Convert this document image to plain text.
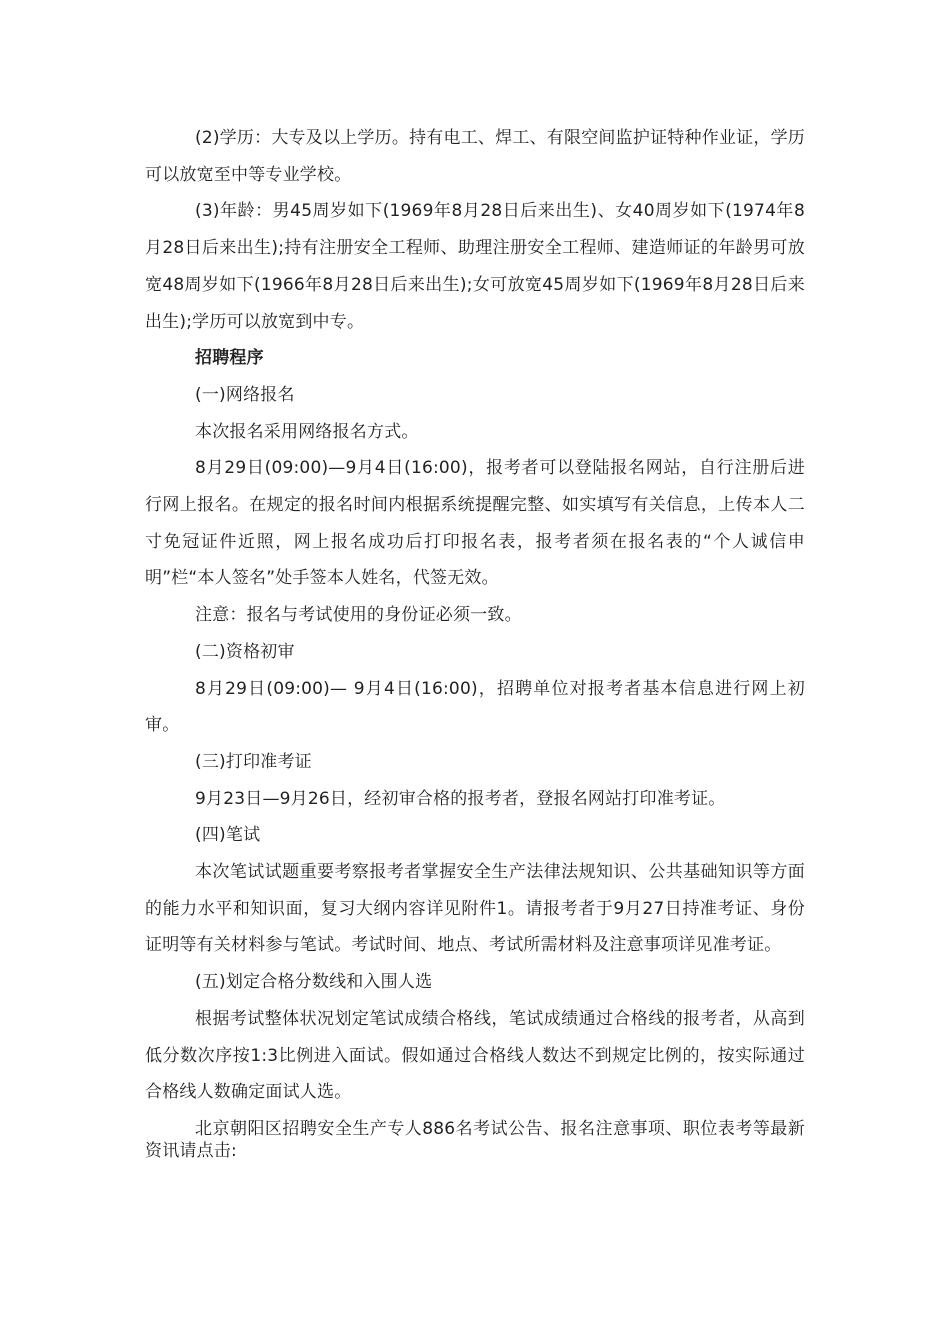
(2)学历：大专及以上学历。持有电工、焊工、有限空间监护证特种作业证，学历可以放宽至中等专业学校。

(3)年龄：男45周岁如下(1969年8月28日后来出生)、女40周岁如下(1974年8月28日后来出生);持有注册安全工程师、助理注册安全工程师、建造师证的年龄男可放宽48周岁如下(1966年8月28日后来出生);女可放宽45周岁如下(1969年8月28日后来出生);学历可以放宽到中专。

招聘程序

(一)网络报名

本次报名采用网络报名方式。

8月29日(09:00)—9月4日(16:00)，报考者可以登陆报名网站，自行注册后进行网上报名。在规定的报名时间内根据系统提醒完整、如实填写有关信息，上传本人二寸免冠证件近照，网上报名成功后打印报名表，报考者须在报名表的“个人诚信申明”栏“本人签名”处手签本人姓名，代签无效。

注意：报名与考试使用的身份证必须一致。

(二)资格初审

8月29日(09:00)— 9月4日(16:00)，招聘单位对报考者基本信息进行网上初审。

(三)打印准考证

9月23日—9月26日，经初审合格的报考者，登报名网站打印准考证。

(四)笔试

本次笔试试题重要考察报考者掌握安全生产法律法规知识、公共基础知识等方面的能力水平和知识面，复习大纲内容详见附件1。请报考者于9月27日持准考证、身份证明等有关材料参与笔试。考试时间、地点、考试所需材料及注意事项详见准考证。

(五)划定合格分数线和入围人选

根据考试整体状况划定笔试成绩合格线，笔试成绩通过合格线的报考者，从高到低分数次序按1:3比例进入面试。假如通过合格线人数达不到规定比例的，按实际通过合格线人数确定面试人选。

北京朝阳区招聘安全生产专人886名考试公告、报名注意事项、职位表考等最新资讯请点击:
